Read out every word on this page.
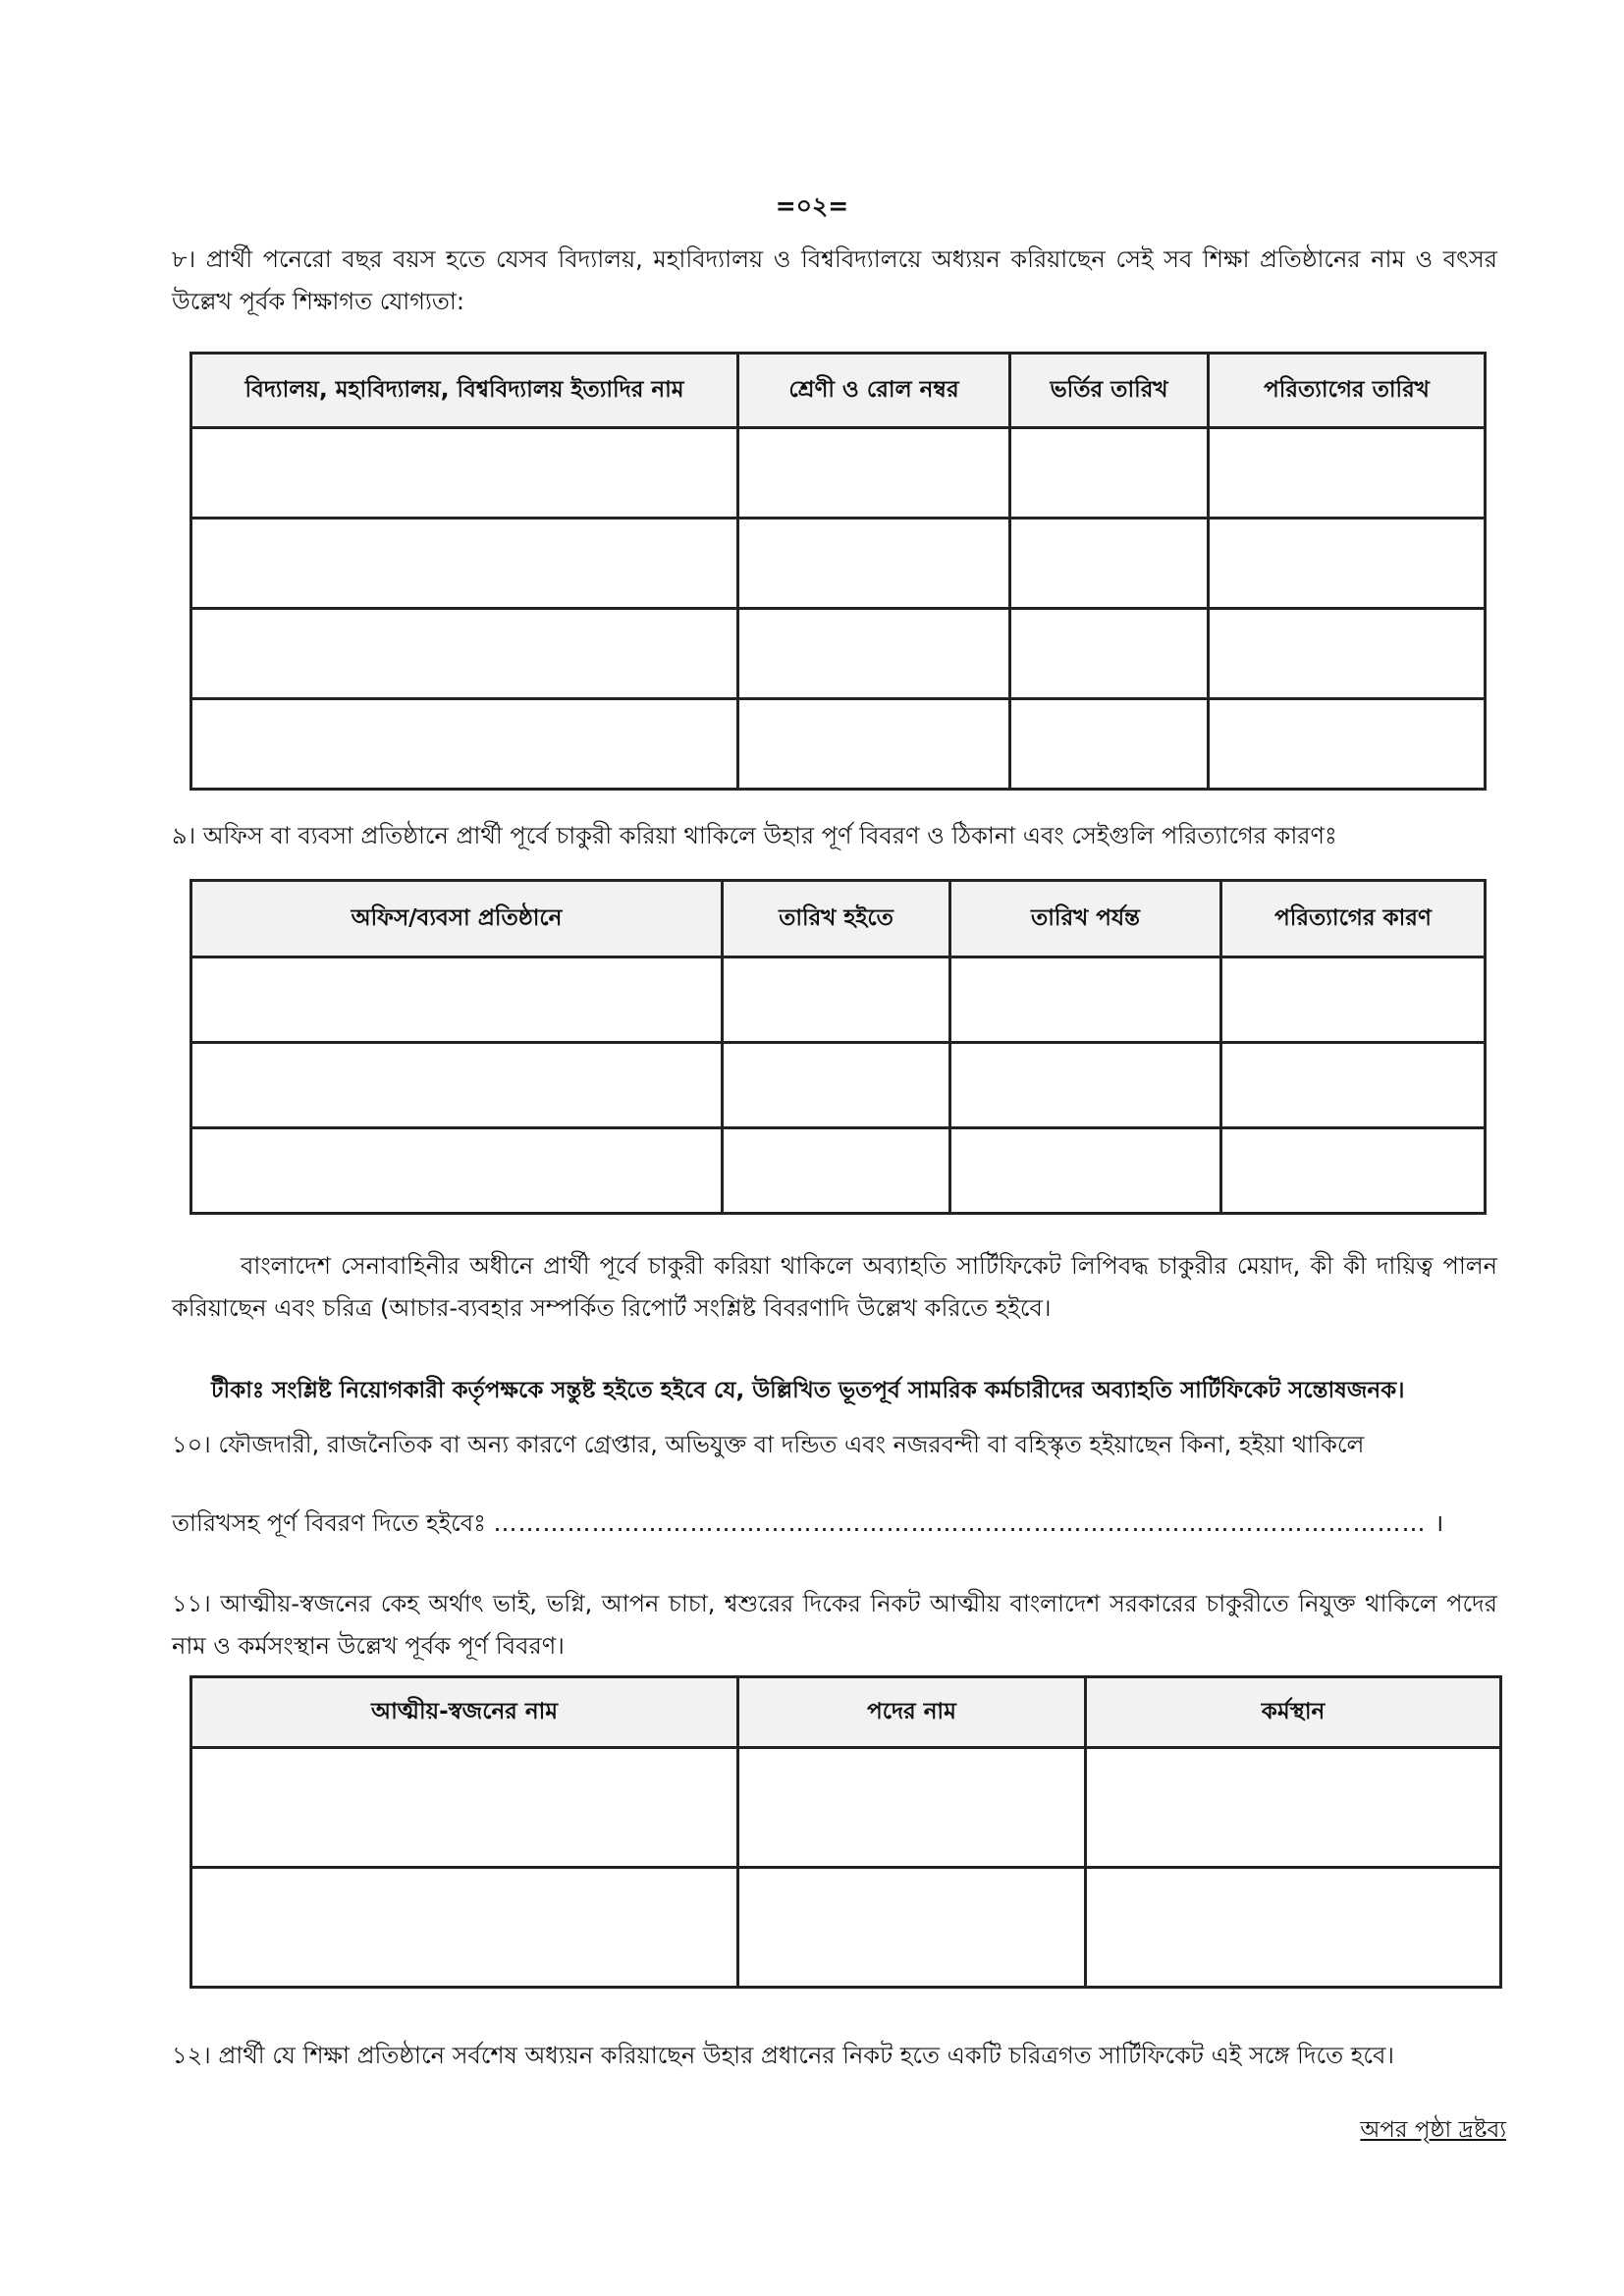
=০২=
৮। প্রার্থী পনেরো বছর বয়স হতে যেসব বিদ্যালয়, মহাবিদ্যালয় ও বিশ্ববিদ্যালয়ে অধ্যয়ন করিয়াছেন সেই সব শিক্ষা প্রতিষ্ঠানের নাম ও বৎসর উল্লেখ পূর্বক শিক্ষাগত যোগ্যতা:
বিদ্যালয়, মহাবিদ্যালয়, বিশ্ববিদ্যালয় ইত্যাদির নাম	শ্রেণী ও রোল নম্বর	ভর্তির তারিখ	পরিত্যাগের তারিখ

৯। অফিস বা ব্যবসা প্রতিষ্ঠানে প্রার্থী পূর্বে চাকুরী করিয়া থাকিলে উহার পূর্ণ বিবরণ ও ঠিকানা এবং সেইগুলি পরিত্যাগের কারণঃ
অফিস/ব্যবসা প্রতিষ্ঠানে	তারিখ হইতে	তারিখ পর্যন্ত	পরিত্যাগের কারণ

বাংলাদেশ সেনাবাহিনীর অধীনে প্রার্থী পূর্বে চাকুরী করিয়া থাকিলে অব্যাহতি সার্টিফিকেট লিপিবদ্ধ চাকুরীর মেয়াদ, কী কী দায়িত্ব পালন করিয়াছেন এবং চরিত্র (আচার-ব্যবহার সম্পর্কিত রিপোর্ট সংশ্লিষ্ট বিবরণাদি উল্লেখ করিতে হইবে।
টীকাঃ সংশ্লিষ্ট নিয়োগকারী কর্তৃপক্ষকে সন্তুষ্ট হইতে হইবে যে, উল্লিখিত ভূতপূর্ব সামরিক কর্মচারীদের অব্যাহতি সার্টিফিকেট সন্তোষজনক।
১০। ফৌজদারী, রাজনৈতিক বা অন্য কারণে গ্রেপ্তার, অভিযুক্ত বা দন্ডিত এবং নজরবন্দী বা বহিস্কৃত হইয়াছেন কিনা, হইয়া থাকিলে
তারিখসহ পূর্ণ বিবরণ দিতে হইবেঃ …………………………………………………………………………………………………… ।
১১। আত্মীয়-স্বজনের কেহ অর্থাৎ ভাই, ভগ্নি, আপন চাচা, শ্বশুরের দিকের নিকট আত্মীয় বাংলাদেশ সরকারের চাকুরীতে নিযুক্ত থাকিলে পদের নাম ও কর্মসংস্থান উল্লেখ পূর্বক পূর্ণ বিবরণ।
আত্মীয়-স্বজনের নাম	পদের নাম	কর্মস্থান

১২। প্রার্থী যে শিক্ষা প্রতিষ্ঠানে সর্বশেষ অধ্যয়ন করিয়াছেন উহার প্রধানের নিকট হতে একটি চরিত্রগত সার্টিফিকেট এই সঙ্গে দিতে হবে।
অপর পৃষ্ঠা দ্রষ্টব্য
